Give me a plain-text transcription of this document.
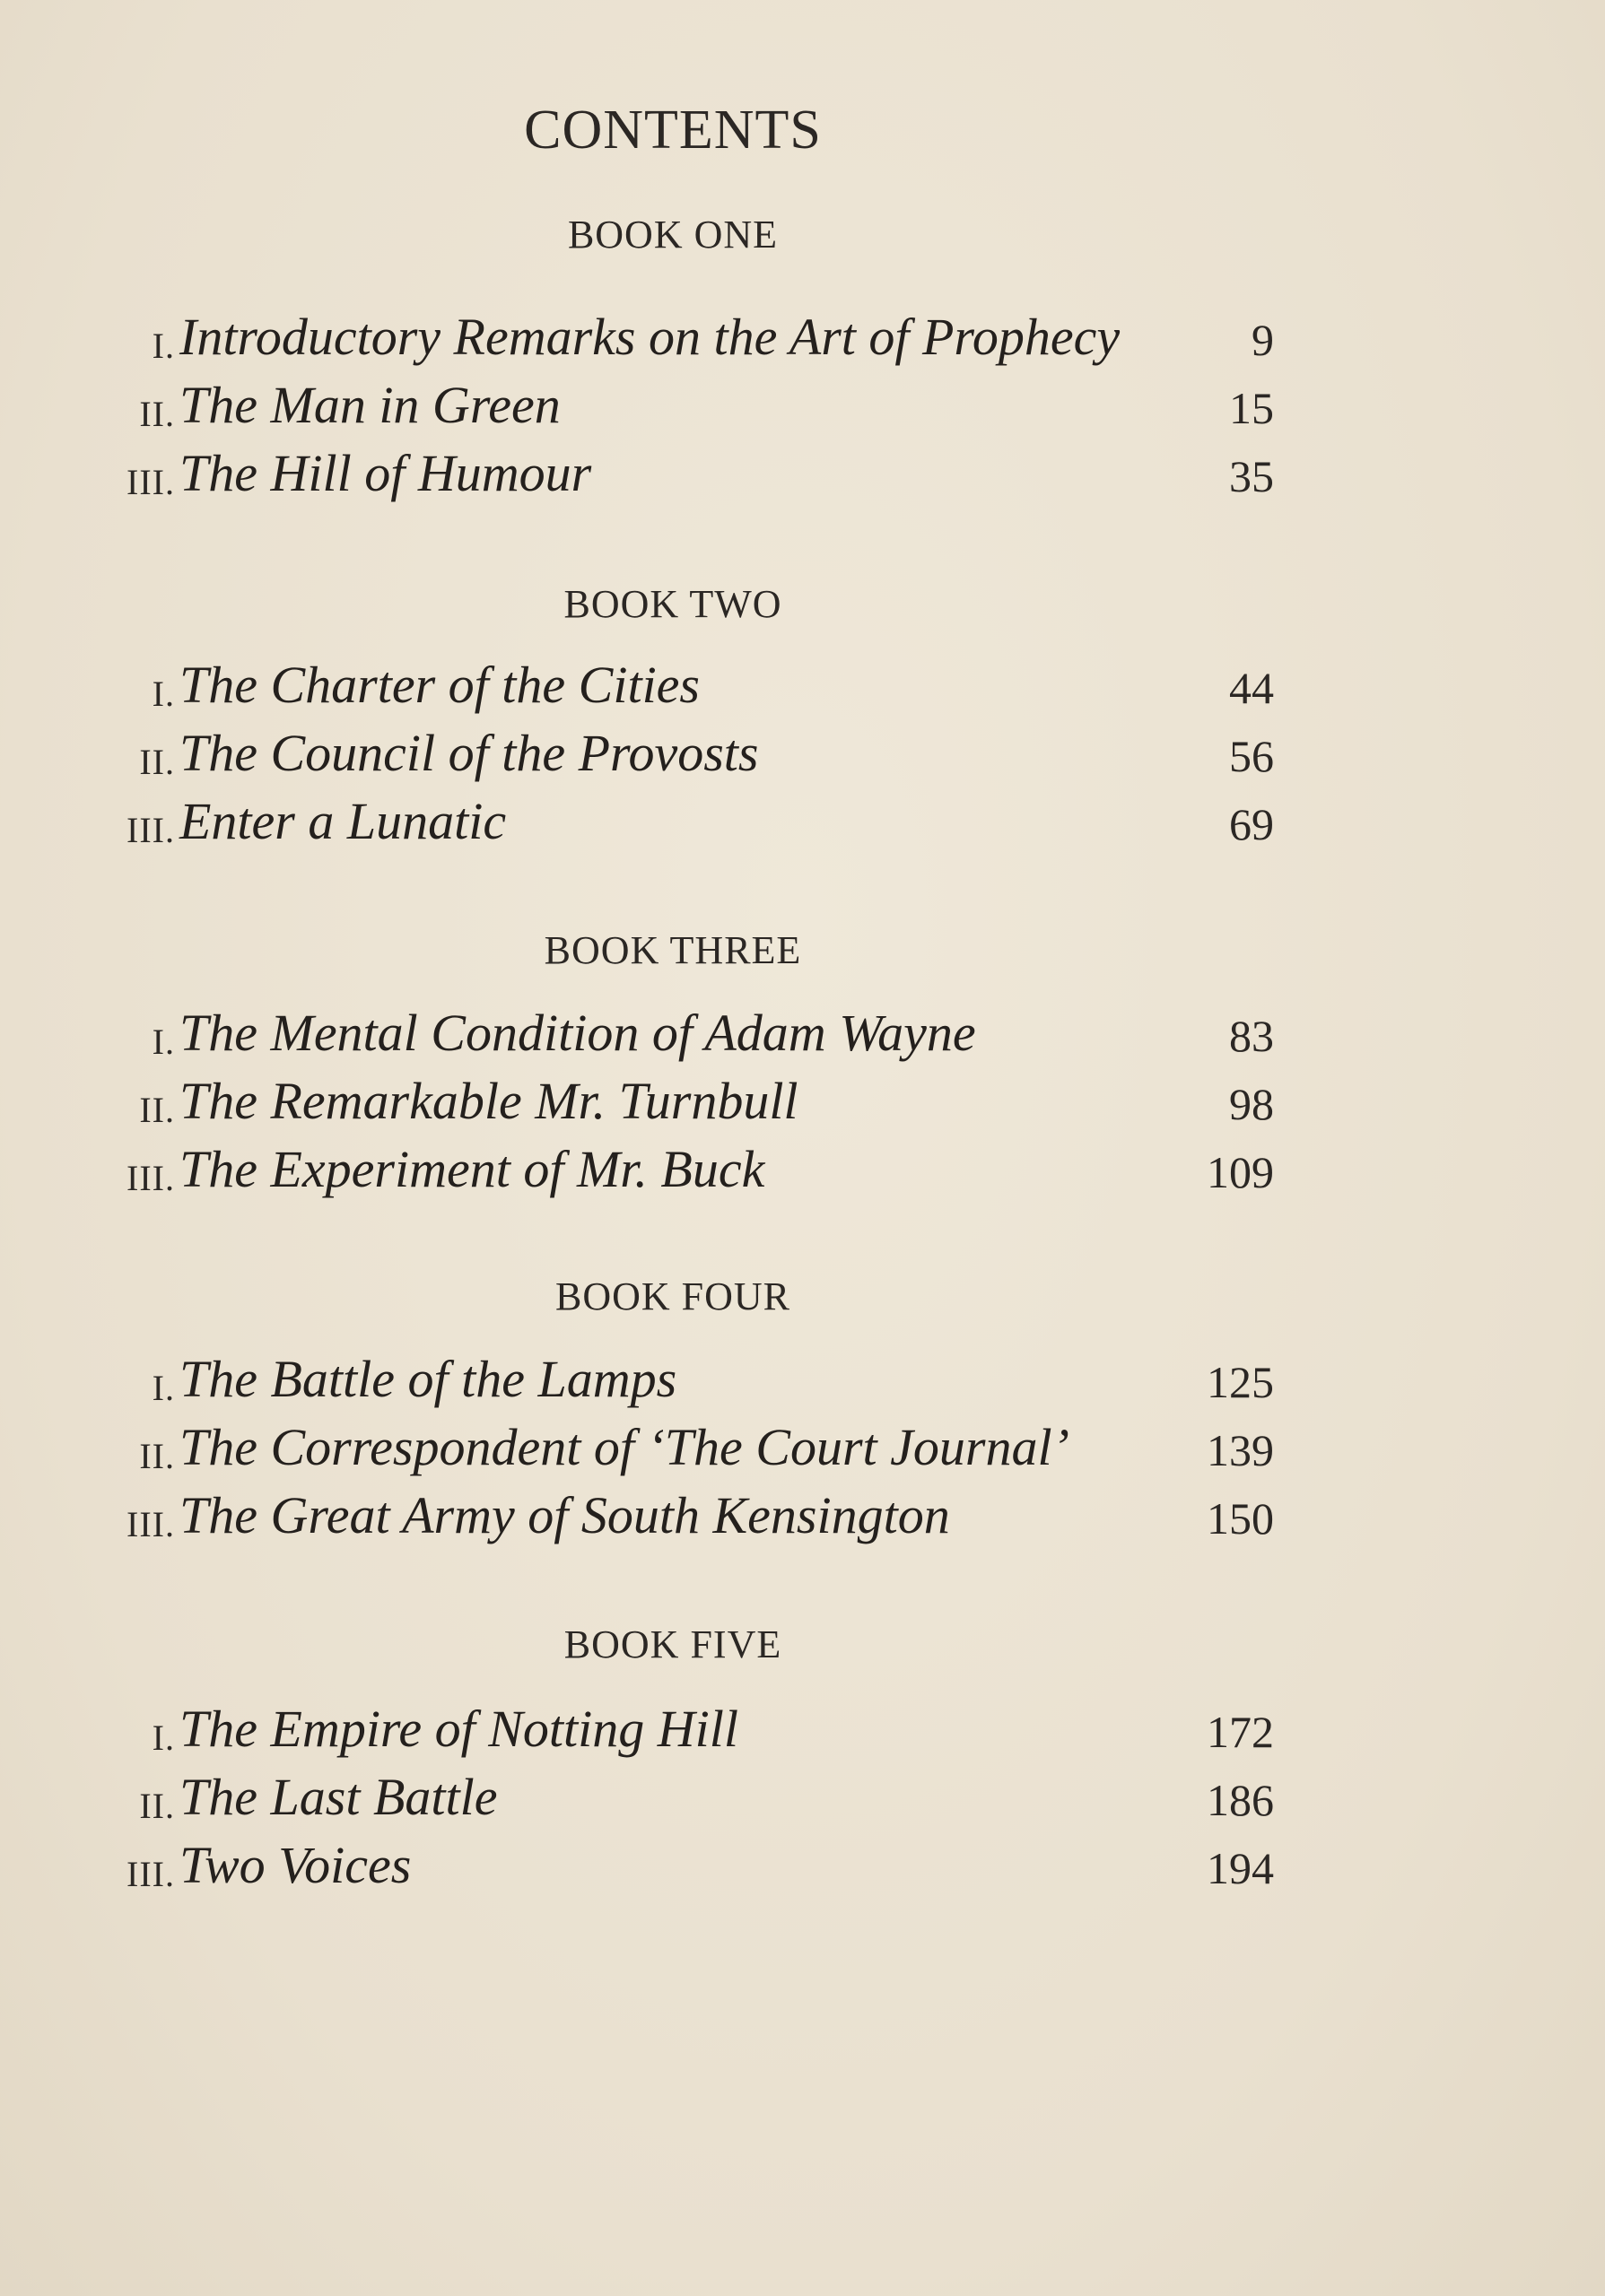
CONTENTS
BOOK ONE
I. Introductory Remarks on the Art of Prophecy	9
II. The Man in Green	15
III. The Hill of Humour	35
BOOK TWO
I. The Charter of the Cities	44
II. The Council of the Provosts	56
III. Enter a Lunatic	69
BOOK THREE
I. The Mental Condition of Adam Wayne	83
II. The Remarkable Mr. Turnbull	98
III. The Experiment of Mr. Buck	109
BOOK FOUR
I. The Battle of the Lamps	125
II. The Correspondent of ‘The Court Journal’	139
III. The Great Army of South Kensington	150
BOOK FIVE
I. The Empire of Notting Hill	172
II. The Last Battle	186
III. Two Voices	194
